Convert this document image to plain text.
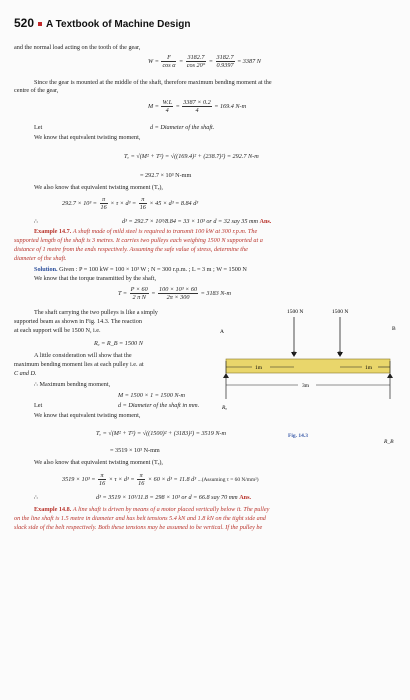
520 A Textbook of Machine Design
and the normal load acting on the tooth of the gear,
$W = \frac{F}{\text{cos α}} = \frac{3182.7}{\cos 20^\circ} = \frac{3182.7}{0.9397} = 3387$ N
Since the gear is mounted at the middle of the shaft, therefore maximum bending moment at the
centre of the gear,
$M = \frac{W.L}{4} = \frac{3387 \times 0.2}{4} = 169.4$ N-m
Let	d = Diameter of the shaft.
We know that equivalent twisting moment,
Tₑ = √(M² + T²) = √((169.4)² + (238.7)²) = 292.7 N-m
= 292.7 × 10³ N-mm
We also know that equivalent twisting moment (Tₑ),
$292.7 \times 10^3 = \frac{\pi}{16} \times \tau \times d^3 = \frac{\pi}{16} \times 45 \times d^3 = 8.84$ d³
∴	d³ = 292.7 × 10³/8.84 = 33 × 10³ or d = 32 say 35 mm Ans.
Example 14.7. A shaft made of mild steel is required to transmit 100 kW at 300 r.p.m. The
supported length of the shaft is 3 metres. It carries two pulleys each weighing 1500 N supported at a
distance of 1 metre from the ends respectively. Assuming the safe value of stress, determine the
diameter of the shaft.
Solution. Given : P = 100 kW = 100 × 10³ W ; N = 300 r.p.m. ; L = 3 m ; W = 1500 N
We know that the torque transmitted by the shaft,
$T = \frac{P \times 60}{\text{2 π N}} = \frac{\text{100 × 10³ × 60}}{2\pi \times 300} = 3183$ N-m
The shaft carrying the two pulleys is like a simply
supported beam as shown in Fig. 14.3. The reaction
at each support will be 1500 N, i.e.
Rₐ = R_B = 1500 N
A little consideration will show that the
maximum bending moment lies at each pulley i.e. at
C and D.
∴ Maximum bending moment,
1500 N	1500 N
A	B
C	D
1m	1m
3m
Rₐ
R_B
Fig. 14.3
M = 1500 × 1 = 1500 N-m
Let	d = Diameter of the shaft in mm.
We know that equivalent twisting moment,
Tₑ = √(M² + T²) = √((1500)² + (3183)²) = 3519 N-m
= 3519 × 10³ N-mm
We also know that equivalent twisting moment (Tₑ),
$3519 \times 10^3 = \frac{\pi}{16} \times \tau \times d^3 = \frac{\pi}{16} \times 60 \times d^3 = 11.8$ d³ ...(Assuming τ = 60 N/mm²)
∴	d³ = 3519 × 10³/11.8 = 298 × 10³ or d = 66.8 say 70 mm Ans.
Example 14.8. A line shaft is driven by means of a motor placed vertically below it. The pulley
on the line shaft is 1.5 metre in diameter and has belt tensions 5.4 kN and 1.8 kN on the tight side and
slack side of the belt respectively. Both these tensions may be assumed to be vertical. If the pulley be
